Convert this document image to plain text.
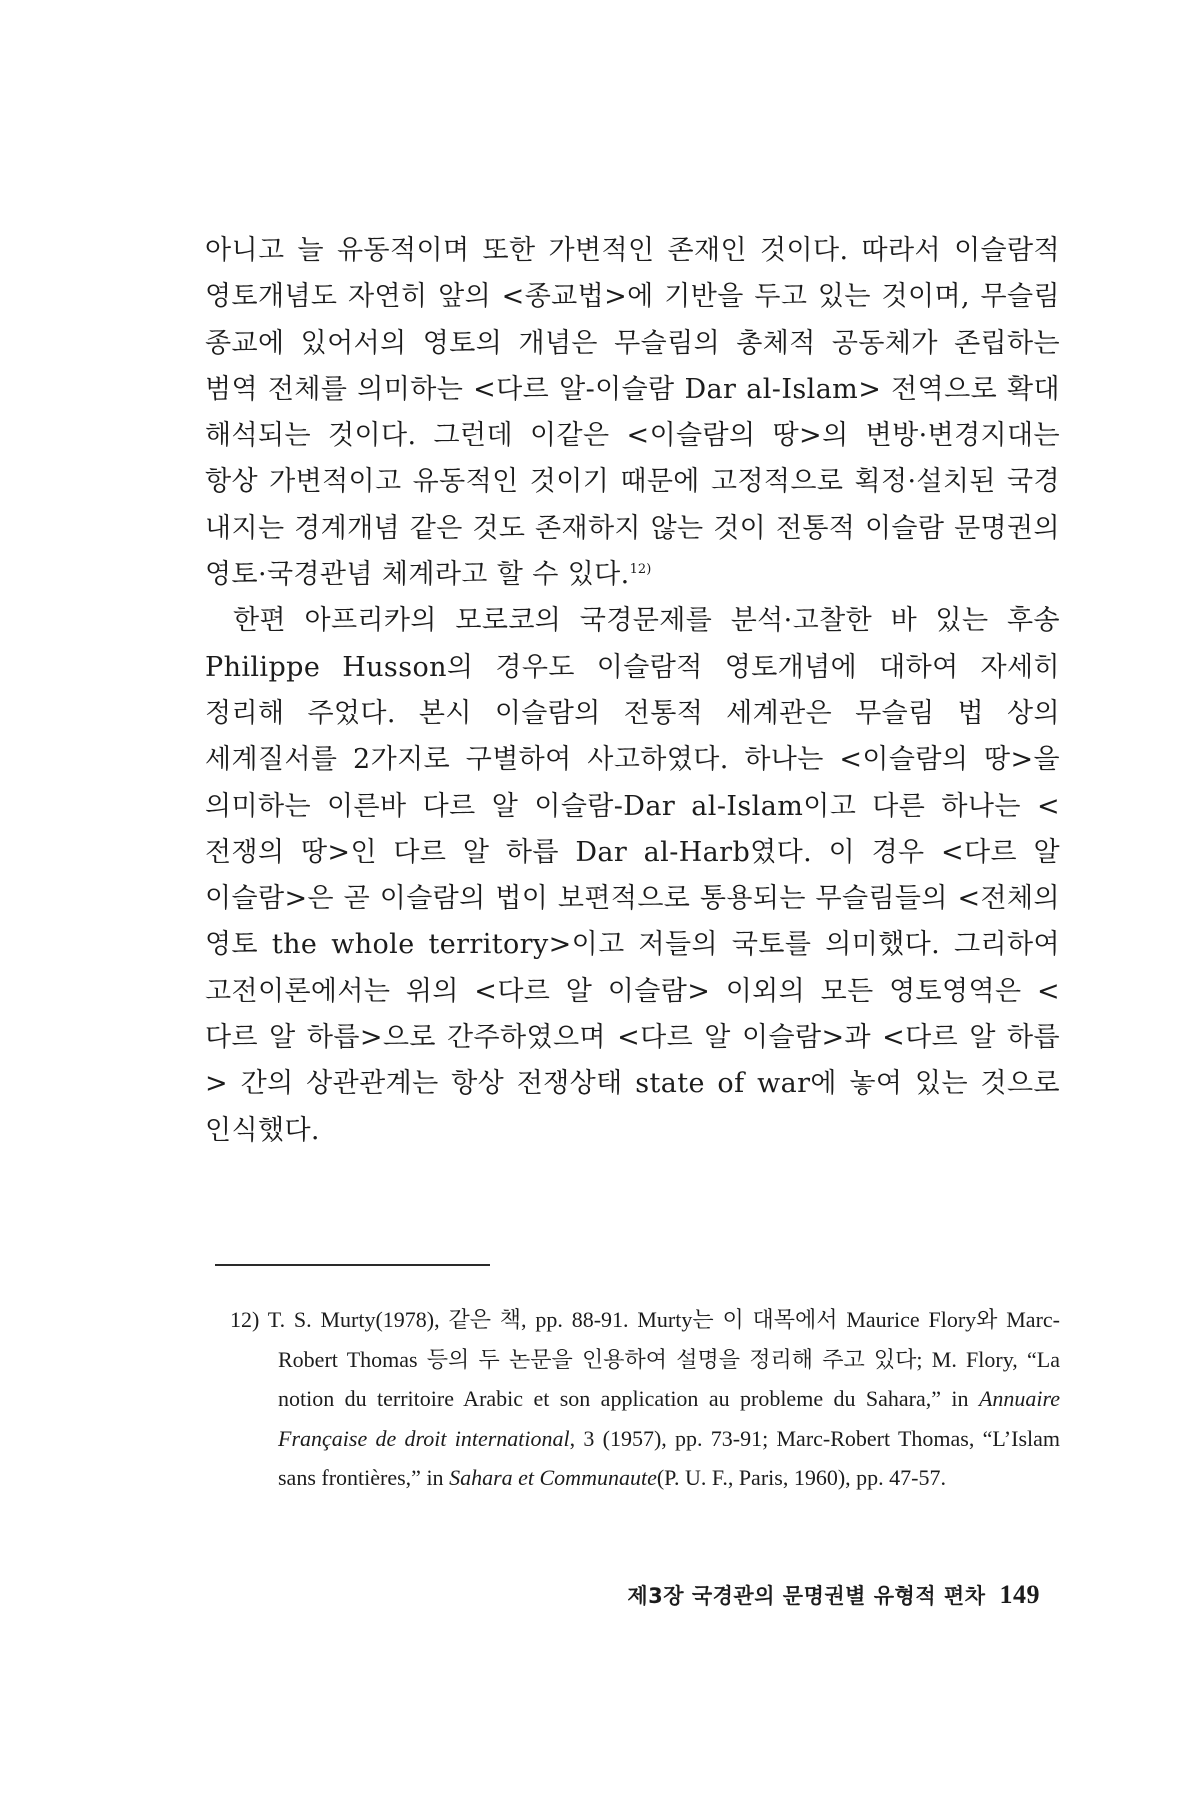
아니고 늘 유동적이며 또한 가변적인 존재인 것이다. 따라서 이슬람적 영토개념도 자연히 앞의 <종교법>에 기반을 두고 있는 것이며, 무슬림 종교에 있어서의 영토의 개념은 무슬림의 총체적 공동체가 존립하는 범역 전체를 의미하는 <다르 알-이슬람 Dar al-Islam> 전역으로 확대 해석되는 것이다. 그런데 이같은 <이슬람의 땅>의 변방·변경지대는 항상 가변적이고 유동적인 것이기 때문에 고정적으로 획정·설치된 국경 내지는 경계개념 같은 것도 존재하지 않는 것이 전통적 이슬람 문명권의 영토·국경관념 체계라고 할 수 있다.$^{12)}$

한편 아프리카의 모로코의 국경문제를 분석·고찰한 바 있는 후송 Philippe Husson의 경우도 이슬람적 영토개념에 대하여 자세히 정리해 주었다. 본시 이슬람의 전통적 세계관은 무슬림 법 상의 세계질서를 2가지로 구별하여 사고하였다. 하나는 <이슬람의 땅>을 의미하는 이른바 다르 알 이슬람-Dar al-Islam이고 다른 하나는 <전쟁의 땅>인 다르 알 하릅 Dar al-Harb였다. 이 경우 <다르 알 이슬람>은 곧 이슬람의 법이 보편적으로 통용되는 무슬림들의 <전체의 영토 the whole territory>이고 저들의 국토를 의미했다. 그리하여 고전이론에서는 위의 <다르 알 이슬람> 이외의 모든 영토영역은 <다르 알 하릅>으로 간주하였으며 <다르 알 이슬람>과 <다르 알 하릅> 간의 상관관계는 항상 전쟁상태 state of war에 놓여 있는 것으로 인식했다.

12) T. S. Murty(1978), 같은 책, pp. 88-91. Murty는 이 대목에서 Maurice Flory와 Marc-Robert Thomas 등의 두 논문을 인용하여 설명을 정리해 주고 있다; M. Flory, “La notion du territoire Arabic et son application au probleme du Sahara,” in Annuaire Française de droit international, 3 (1957), pp. 73-91; Marc-Robert Thomas, “L’Islam sans frontières,” in Sahara et Communaute(P. U. F., Paris, 1960), pp. 47-57.

제3장 국경관의 문명권별 유형적 편차 149
